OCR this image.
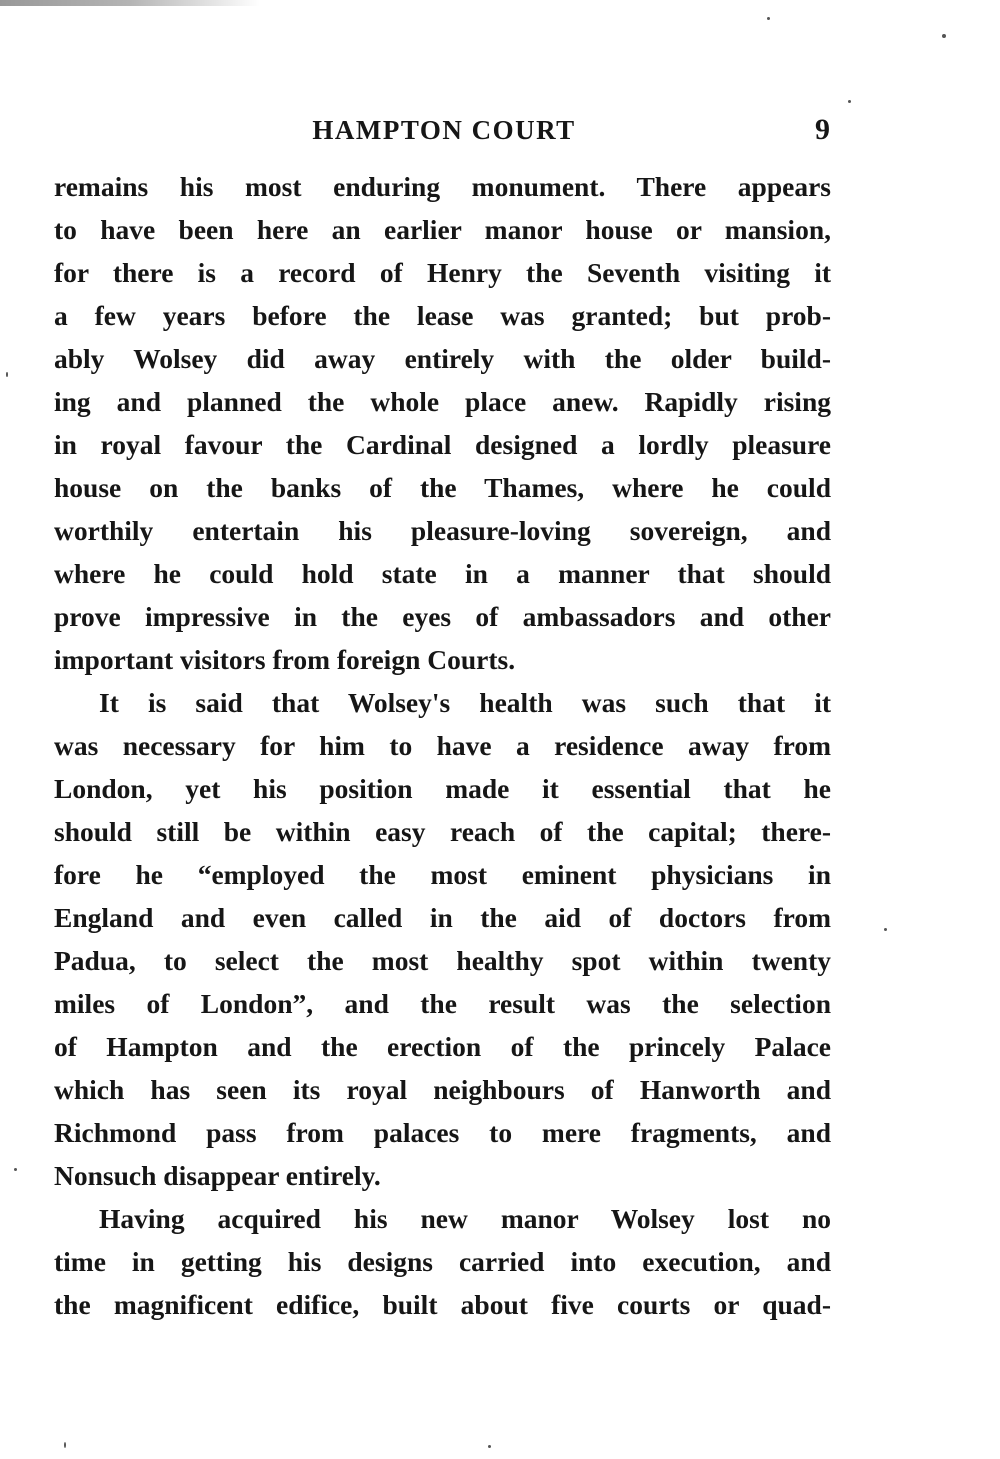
HAMPTON COURT	9
remains his most enduring monument. There appears
to have been here an earlier manor house or mansion,
for there is a record of Henry the Seventh visiting it
a few years before the lease was granted; but prob-
ably Wolsey did away entirely with the older build-
ing and planned the whole place anew. Rapidly rising
in royal favour the Cardinal designed a lordly pleasure
house on the banks of the Thames, where he could
worthily entertain his pleasure-loving sovereign, and
where he could hold state in a manner that should
prove impressive in the eyes of ambassadors and other
important visitors from foreign Courts.
It is said that Wolsey's health was such that it
was necessary for him to have a residence away from
London, yet his position made it essential that he
should still be within easy reach of the capital; there-
fore he “employed the most eminent physicians in
England and even called in the aid of doctors from
Padua, to select the most healthy spot within twenty
miles of London”, and the result was the selection
of Hampton and the erection of the princely Palace
which has seen its royal neighbours of Hanworth and
Richmond pass from palaces to mere fragments, and
Nonsuch disappear entirely.
Having acquired his new manor Wolsey lost no
time in getting his designs carried into execution, and
the magnificent edifice, built about five courts or quad-
